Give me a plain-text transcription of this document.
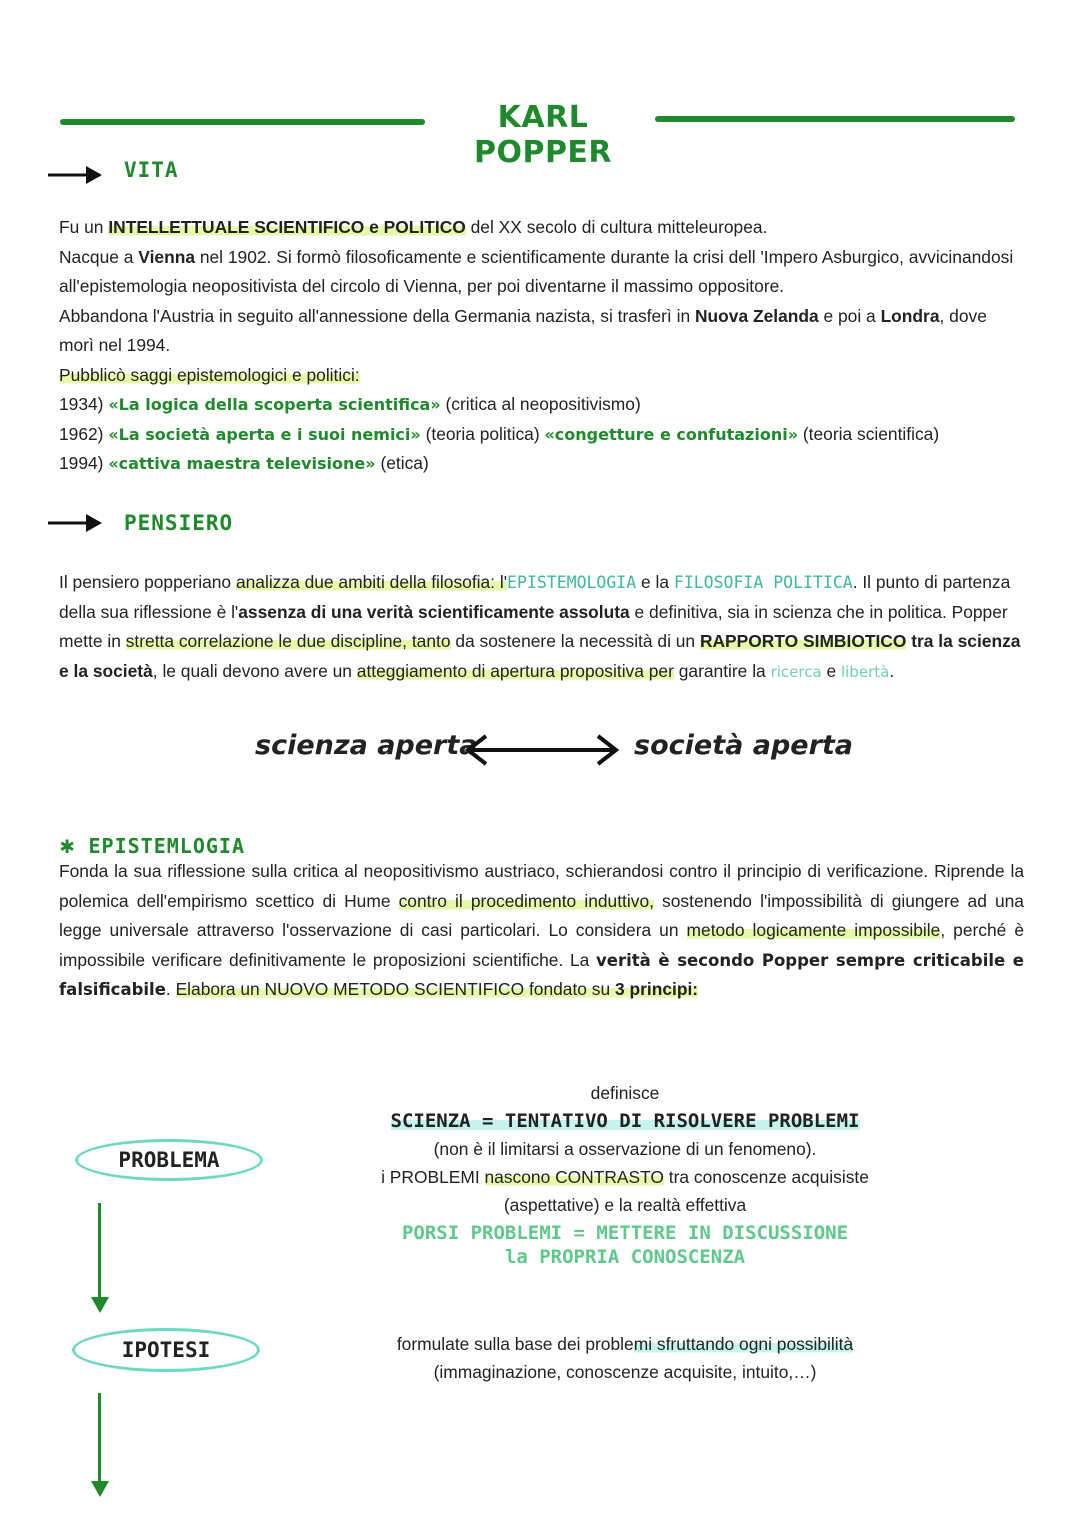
KARL POPPER
VITA
Fu un INTELLETTUALE SCIENTIFICO e POLITICO del XX secolo di cultura mitteleuropea.
Nacque a Vienna nel 1902. Si formò filosoficamente e scientificamente durante la crisi dell 'Impero Asburgico, avvicinandosi all'epistemologia neopositivista del circolo di Vienna, per poi diventarne il massimo oppositore.
Abbandona l'Austria in seguito all'annessione della Germania nazista, si trasferì in Nuova Zelanda e poi a Londra, dove morì nel 1994.
Pubblicò saggi epistemologici e politici:
1934) «La logica della scoperta scientifica» (critica al neopositivismo)
1962) «La società aperta e i suoi nemici» (teoria politica) «congetture e confutazioni» (teoria scientifica)
1994) «cattiva maestra televisione» (etica)
PENSIERO
Il pensiero popperiano analizza due ambiti della filosofia: l'EPISTEMOLOGIA e la FILOSOFIA POLITICA. Il punto di partenza della sua riflessione è l'assenza di una verità scientificamente assoluta e definitiva, sia in scienza che in politica. Popper mette in stretta correlazione le due discipline, tanto da sostenere la necessità di un RAPPORTO SIMBIOTICO tra la scienza e la società, le quali devono avere un atteggiamento di apertura propositiva per garantire la ricerca e libertà.
scienza aperta	società aperta
✱ EPISTEMLOGIA
Fonda la sua riflessione sulla critica al neopositivismo austriaco, schierandosi contro il principio di verificazione. Riprende la polemica dell'empirismo scettico di Hume contro il procedimento induttivo, sostenendo l'impossibilità di giungere ad una legge universale attraverso l'osservazione di casi particolari. Lo considera un metodo logicamente impossibile, perché è impossibile verificare definitivamente le proposizioni scientifiche. La verità è secondo Popper sempre criticabile e falsificabile. Elabora un NUOVO METODO SCIENTIFICO fondato su 3 principi:
PROBLEMA
IPOTESI
definisce
SCIENZA = TENTATIVO DI RISOLVERE PROBLEMI
(non è il limitarsi a osservazione di un fenomeno).
i PROBLEMI nascono CONTRASTO tra conoscenze acquisiste
(aspettative) e la realtà effettiva
PORSI PROBLEMI = METTERE IN DISCUSSIONE
la PROPRIA CONOSCENZA
formulate sulla base dei problemi sfruttando ogni possibilità
(immaginazione, conoscenze acquisite, intuito,…)
